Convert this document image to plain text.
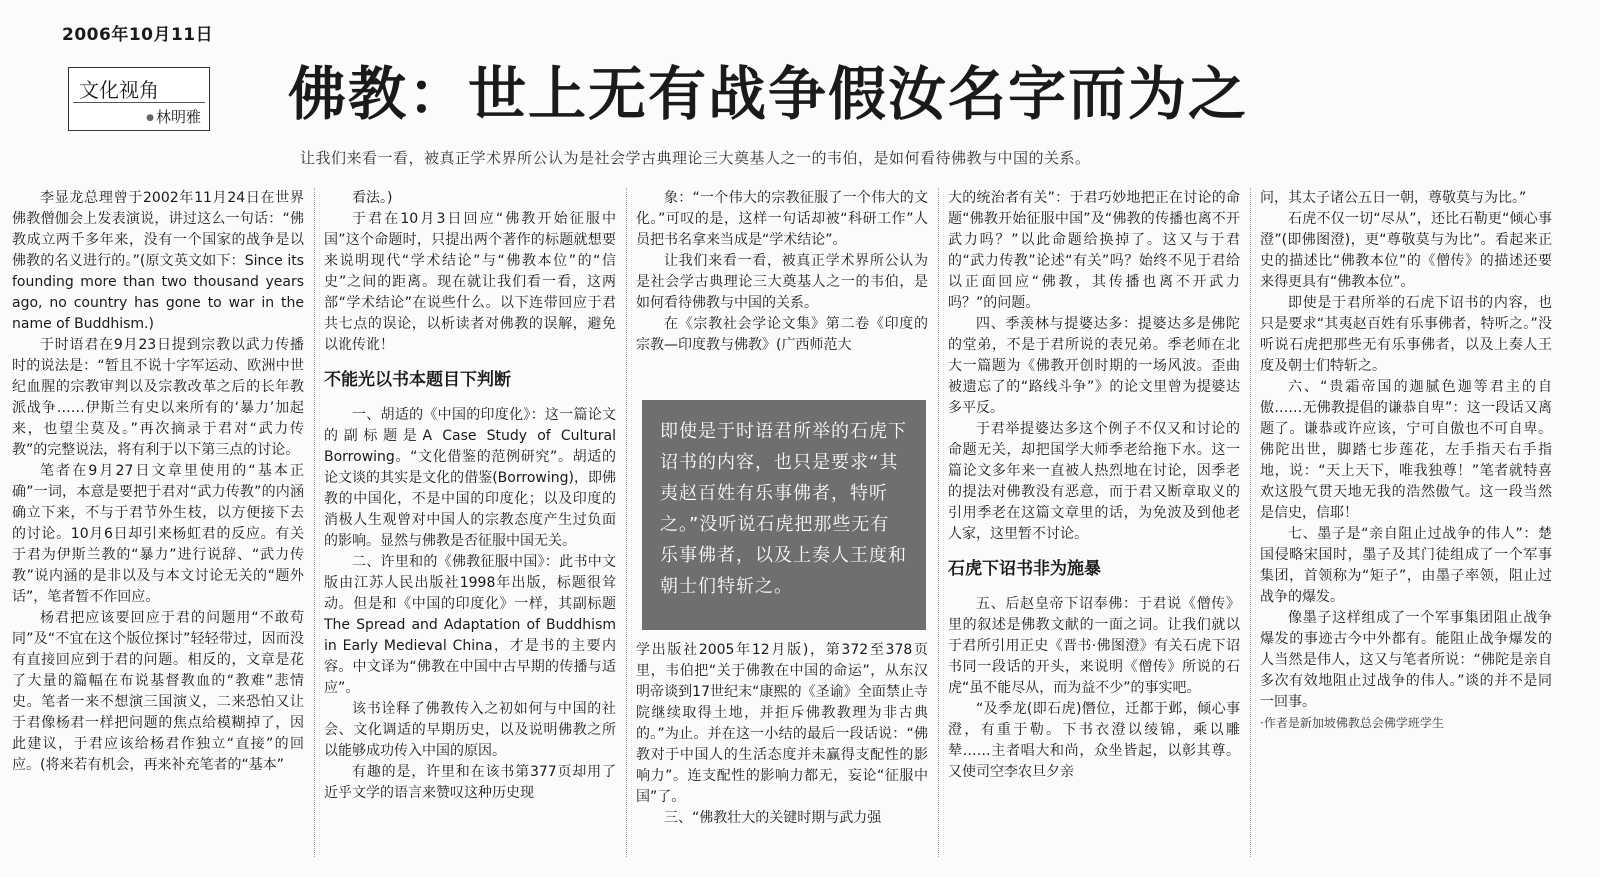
2006年10月11日
文化视角
● 林明雅 佛教：世上无有战争假汝名字而为之
让我们来看一看，被真正学术界所公认为是社会学古典理论三大奠基人之一的韦伯，是如何看待佛教与中国的关系。

李显龙总理曾于2002年11月24日在世界佛教僧伽会上发表演说，讲过这么一句话：“佛教成立两千多年来，没有一个国家的战争是以佛教的名义进行的。”(原文英文如下：Since its founding more than two thousand years ago, no country has gone to war in the name of Buddhism.)

于时语君在9月23日提到宗教以武力传播时的说法是：“暂且不说十字军运动、欧洲中世纪血腥的宗教审判以及宗教改革之后的长年教派战争……伊斯兰有史以来所有的‘暴力’加起来，也望尘莫及。”再次摘录于君对“武力传教”的完整说法，将有利于以下第三点的讨论。

笔者在9月27日文章里使用的“基本正确”一词，本意是要把于君对“武力传教”的内涵确立下来，不与于君节外生枝，以方便接下去的讨论。10月6日却引来杨虹君的反应。有关于君为伊斯兰教的“暴力”进行说辞、“武力传教”说内涵的是非以及与本文讨论无关的“题外话”，笔者暂不作回应。

杨君把应该要回应于君的问题用“不敢苟同”及“不宜在这个版位探讨”轻轻带过，因而没有直接回应到于君的问题。相反的，文章是花了大量的篇幅在布说基督教血的“教难”悲情史。笔者一来不想演三国演义，二来恐怕又让于君像杨君一样把问题的焦点给模糊掉了，因此建议，于君应该给杨君作独立“直接”的回应。(将来若有机会，再来补充笔者的“基本”

看法。)

于君在10月3日回应“佛教开始征服中国”这个命题时，只提出两个著作的标题就想要来说明现代“学术结论”与“佛教本位”的“信史”之间的距离。现在就让我们看一看，这两部“学术结论”在说些什么。以下连带回应于君共七点的误论，以析读者对佛教的误解，避免以讹传讹！

不能光以书本题目下判断

一、胡适的《中国的印度化》：这一篇论文的副标题是A Case Study of Cultural Borrowing。“文化借鉴的范例研究”。胡适的论文谈的其实是文化的借鉴(Borrowing)，即佛教的中国化，不是中国的印度化；以及印度的消极人生观曾对中国人的宗教态度产生过负面的影响。显然与佛教是否征服中国无关。

二、许里和的《佛教征服中国》：此书中文版由江苏人民出版社1998年出版，标题很耸动。但是和《中国的印度化》一样，其副标题The Spread and Adaptation of Buddhism in Early Medieval China，才是书的主要内容。中文译为“佛教在中国中古早期的传播与适应”。

该书诠释了佛教传入之初如何与中国的社会、文化调适的早期历史，以及说明佛教之所以能够成功传入中国的原因。

有趣的是，许里和在该书第377页却用了近乎文学的语言来赞叹这种历史现

象：“一个伟大的宗教征服了一个伟大的文化。”可叹的是，这样一句话却被“科研工作”人员把书名拿来当成是“学术结论”。

让我们来看一看，被真正学术界所公认为是社会学古典理论三大奠基人之一的韦伯，是如何看待佛教与中国的关系。

在《宗教社会学论文集》第二卷《印度的宗教—印度教与佛教》(广西师范大

即使是于时语君所举的石虎下诏书的内容，也只是要求“其夷赵百姓有乐事佛者，特听之。”没听说石虎把那些无有乐事佛者，以及上奏人王度和朝士们特斩之。

学出版社2005年12月版)，第372至378页里，韦伯把“关于佛教在中国的命运”，从东汉明帝谈到17世纪末“康熙的《圣谕》全面禁止寺院继续取得土地，并拒斥佛教教理为非古典的。”为止。并在这一小结的最后一段话说：“佛教对于中国人的生活态度并未赢得支配性的影响力”。连支配性的影响力都无，妄论“征服中国”了。

三、“佛教壮大的关键时期与武力强

大的统治者有关”：于君巧妙地把正在讨论的命题“佛教开始征服中国”及“佛教的传播也离不开武力吗？”以此命题给换掉了。这又与于君的“武力传教”论述“有关”吗？始终不见于君给以正面回应“佛教，其传播也离不开武力吗？”的问题。

四、季羡林与提婆达多：提婆达多是佛陀的堂弟，不是于君所说的表兄弟。季老师在北大一篇题为《佛教开创时期的一场风波。歪曲被遗忘了的“路线斗争”》的论文里曾为提婆达多平反。

于君举提婆达多这个例子不仅又和讨论的命题无关，却把国学大师季老给拖下水。这一篇论文多年来一直被人热烈地在讨论，因季老的提法对佛教没有恶意，而于君又断章取义的引用季老在这篇文章里的话，为免波及到他老人家，这里暂不讨论。

石虎下诏书非为施暴

五、后赵皇帝下诏奉佛：于君说《僧传》里的叙述是佛教文献的一面之词。让我们就以于君所引用正史《晋书·佛图澄》有关石虎下诏书同一段话的开头，来说明《僧传》所说的石虎“虽不能尽从，而为益不少”的事实吧。

“及季龙(即石虎)僭位，迁都于邺，倾心事澄，有重于勒。下书衣澄以绫锦，乘以雕辇……主者唱大和尚，众坐皆起，以彰其尊。又使司空李农旦夕亲

问，其太子诸公五日一朝，尊敬莫与为比。”

石虎不仅一切“尽从”，还比石勒更“倾心事澄”(即佛图澄)，更“尊敬莫与为比”。看起来正史的描述比“佛教本位”的《僧传》的描述还要来得更具有“佛教本位”。

即使是于君所举的石虎下诏书的内容，也只是要求“其夷赵百姓有乐事佛者，特听之。”没听说石虎把那些无有乐事佛者，以及上奏人王度及朝士们特斩之。

六、“贵霜帝国的迦腻色迦等君主的自傲……无佛教提倡的谦恭自卑”：这一段话又离题了。谦恭或许应该，宁可自傲也不可自卑。佛陀出世，脚踏七步莲花，左手指天右手指地，说：“天上天下，唯我独尊！”笔者就特喜欢这股气贯天地无我的浩然傲气。这一段当然是信史，信耶！

七、墨子是“亲自阻止过战争的伟人”：楚国侵略宋国时，墨子及其门徒组成了一个军事集团，首领称为“矩子”，由墨子率领，阻止过战争的爆发。

像墨子这样组成了一个军事集团阻止战争爆发的事迹古今中外都有。能阻止战争爆发的人当然是伟人，这又与笔者所说：“佛陀是亲自多次有效地阻止过战争的伟人。”谈的并不是同一回事。

·作者是新加坡佛教总会佛学班学生
